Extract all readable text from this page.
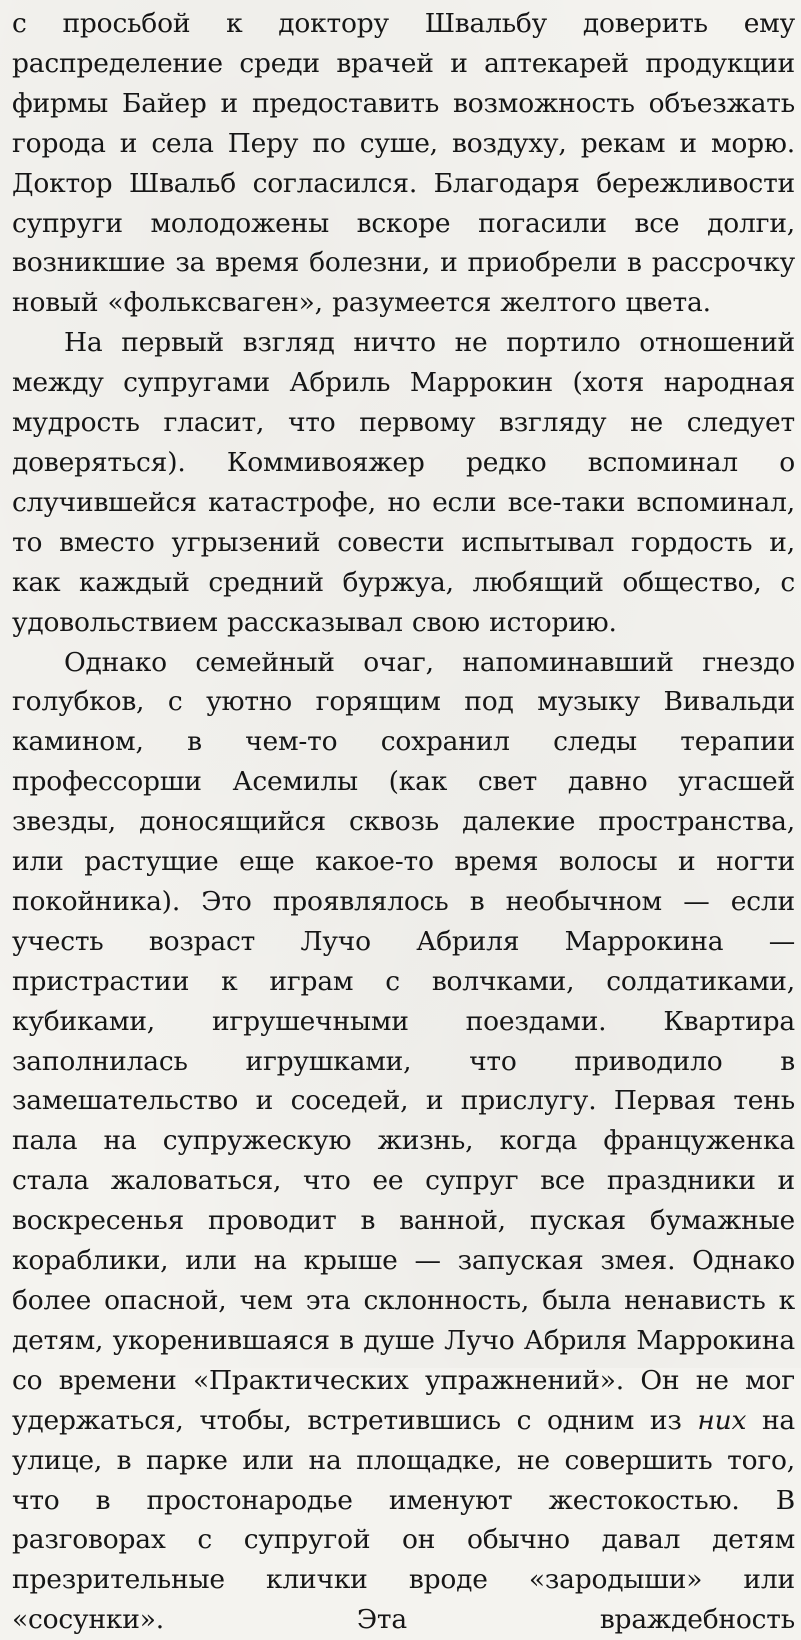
с просьбой к доктору Швальбу доверить ему распределение среди врачей и аптекарей продукции фирмы Байер и предоставить возможность объезжать города и села Перу по суше, воздуху, рекам и морю. Доктор Швальб согласился. Благодаря бережливости супруги молодожены вскоре погасили все долги, возникшие за время болезни, и приобрели в рассрочку новый «фольксваген», разумеется желтого цвета.

На первый взгляд ничто не портило отношений между супругами Абриль Маррокин (хотя народная мудрость гласит, что первому взгляду не следует доверяться). Коммивояжер редко вспоминал о случившейся катастрофе, но если все-таки вспоминал, то вместо угрызений совести испытывал гордость и, как каждый средний буржуа, любящий общество, с удовольствием рассказывал свою историю.

Однако семейный очаг, напоминавший гнездо голубков, с уютно горящим под музыку Вивальди камином, в чем-то сохранил следы терапии профессорши Асемилы (как свет давно угасшей звезды, доносящийся сквозь далекие пространства, или растущие еще какое-то время волосы и ногти покойника). Это проявлялось в необычном — если учесть возраст Лучо Абриля Маррокина — пристрастии к играм с волчками, солдатиками, кубиками, игрушечными поездами. Квартира заполнилась игрушками, что приводило в замешательство и соседей, и прислугу. Первая тень пала на супружескую жизнь, когда француженка стала жаловаться, что ее супруг все праздники и воскресенья проводит в ванной, пуская бумажные кораблики, или на крыше — запуская змея. Однако более опасной, чем эта склонность, была ненависть к детям, укоренившаяся в душе Лучо Абриля Маррокина со времени «Практических упражнений». Он не мог удержаться, чтобы, встретившись с одним из них на улице, в парке или на площадке, не совершить того, что в простонародье именуют жестокостью. В разговорах с супругой он обычно давал детям презрительные клички вроде «зародыши» или «сосунки». Эта враждебность
